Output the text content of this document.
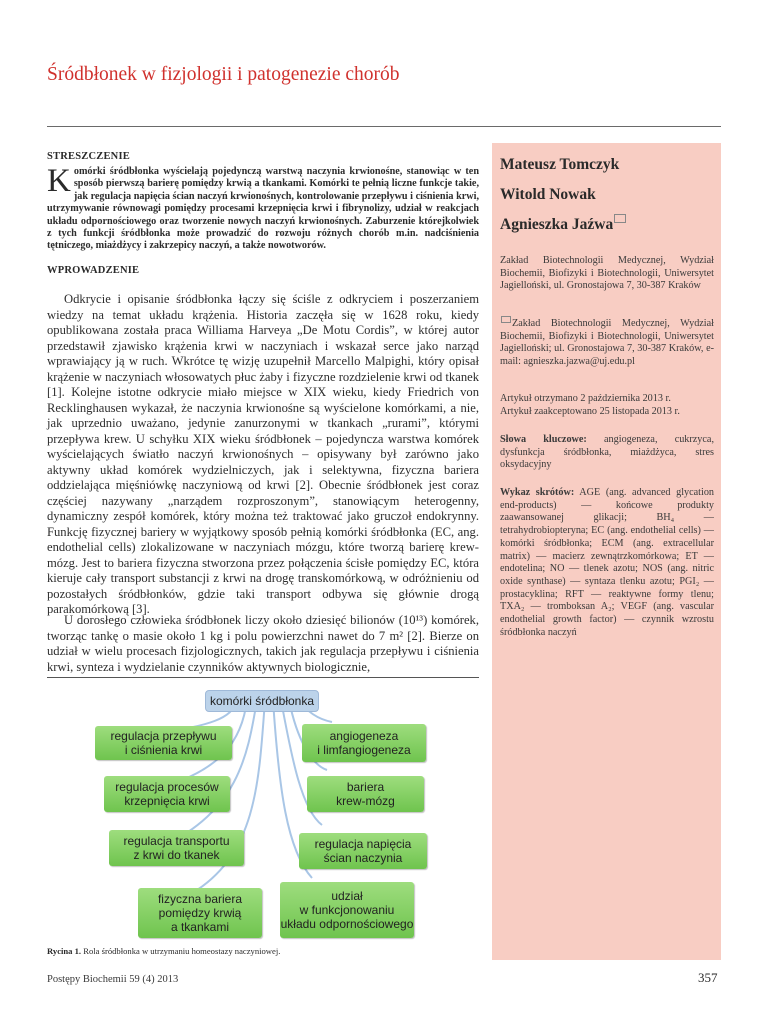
Śródbłonek w fizjologii i patogenezie chorób
Mateusz Tomczyk
Witold Nowak
Agnieszka Jaźwa
Zakład Biotechnologii Medycznej, Wydział Biochemii, Biofizyki i Biotechnologii, Uniwersytet Jagielloński, ul. Gronostajowa 7, 30-387 Kraków
Zakład Biotechnologii Medycznej, Wydział Biochemii, Biofizyki i Biotechnologii, Uniwersytet Jagielloński; ul. Gronostajowa 7, 30-387 Kraków, e-mail: agnieszka.jazwa@uj.edu.pl
Artykuł otrzymano 2 października 2013 r.
Artykuł zaakceptowano 25 listopada 2013 r.
Słowa kluczowe: angiogeneza, cukrzyca, dysfunkcja śródbłonka, miażdżyca, stres oksydacyjny
Wykaz skrótów: AGE (ang. advanced glycation end-products) — końcowe produkty zaawansowanej glikacji; BH₄ — tetrahydrobiopteryna; EC (ang. endothelial cells) — komórki śródbłonka; ECM (ang. extracellular matrix) — macierz zewnątrzkomórkowa; ET — endotelina; NO — tlenek azotu; NOS (ang. nitric oxide synthase) — syntaza tlenku azotu; PGI₂ — prostacyklina; RFT — reaktywne formy tlenu; TXA₂ — tromboksan A₂; VEGF (ang. vascular endothelial growth factor) — czynnik wzrostu śródbłonka naczyń
STRESZCZENIE
Komórki śródbłonka wyścielają pojedynczą warstwą naczynia krwionośne, stanowiąc w ten sposób pierwszą barierę pomiędzy krwią a tkankami. Komórki te pełnią liczne funkcje takie, jak regulacja napięcia ścian naczyń krwionośnych, kontrolowanie przepływu i ciśnienia krwi, utrzymywanie równowagi pomiędzy procesami krzepnięcia krwi i fibrynolizy, udział w reakcjach układu odpornościowego oraz tworzenie nowych naczyń krwionośnych. Zaburzenie którejkolwiek z tych funkcji śródbłonka może prowadzić do rozwoju różnych chorób m.in. nadciśnienia tętniczego, miażdżycy i zakrzepicy naczyń, a także nowotworów.
WPROWADZENIE

Odkrycie i opisanie śródbłonka łączy się ściśle z odkryciem i poszerzaniem wiedzy na temat układu krążenia. Historia zaczęła się w 1628 roku, kiedy opublikowana została praca Williama Harveya „De Motu Cordis”, w której autor przedstawił zjawisko krążenia krwi w naczyniach i wskazał serce jako narząd wprawiający ją w ruch. Wkrótce tę wizję uzupełnił Marcello Malpighi, który opisał krążenie w naczyniach włosowatych płuc żaby i fizyczne rozdzielenie krwi od tkanek [1]. Kolejne istotne odkrycie miało miejsce w XIX wieku, kiedy Friedrich von Recklinghausen wykazał, że naczynia krwionośne są wyścielone komórkami, a nie, jak uprzednio uważano, jedynie zanurzonymi w tkankach „rurami”, którymi przepływa krew. U schyłku XIX wieku śródbłonek – pojedyncza warstwa komórek wyścielających światło naczyń krwionośnych – opisywany był zarówno jako aktywny układ komórek wydzielniczych, jak i selektywna, fizyczna bariera oddzielająca mięśniówkę naczyniową od krwi [2]. Obecnie śródbłonek jest coraz częściej nazywany „narządem rozproszonym”, stanowiącym heterogenny, dynamiczny zespół komórek, który można też traktować jako gruczoł endokrynny. Funkcję fizycznej bariery w wyjątkowy sposób pełnią komórki śródbłonka (EC, ang. endothelial cells) zlokalizowane w naczyniach mózgu, które tworzą barierę krew-mózg. Jest to bariera fizyczna stworzona przez połączenia ścisłe pomiędzy EC, która kieruje cały transport substancji z krwi na drogę transkomórkową, w odróżnieniu od pozostałych śródbłonków, gdzie taki transport odbywa się głównie drogą parakomórkową [3].

U dorosłego człowieka śródbłonek liczy około dziesięć bilionów (10¹³) komórek, tworząc tankę o masie około 1 kg i polu powierzchni nawet do 7 m² [2]. Bierze on udział w wielu procesach fizjologicznych, takich jak regulacja przepływu i ciśnienia krwi, synteza i wydzielanie czynników aktywnych biologicznie,

komórki śródbłonka
regulacja przepływu
i ciśnienia krwi
regulacja procesów
krzepnięcia krwi
regulacja transportu
z krwi do tkanek
fizyczna bariera
pomiędzy krwią
a tkankami
udział
w funkcjonowaniu
układu odpornościowego
regulacja napięcia
ścian naczynia
bariera
krew-mózg
angiogeneza
i limfangiogeneza
Rycina 1. Rola śródbłonka w utrzymaniu homeostazy naczyniowej.
Postępy Biochemii 59 (4) 2013	357
